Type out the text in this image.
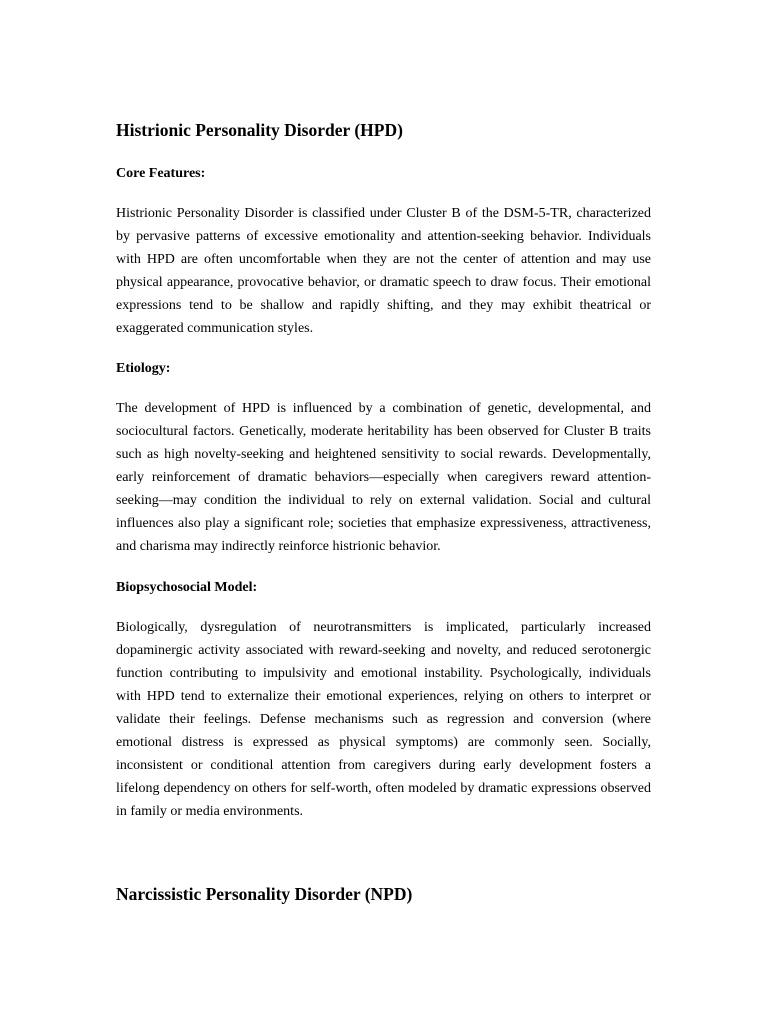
Histrionic Personality Disorder (HPD)
Core Features:
Histrionic Personality Disorder is classified under Cluster B of the DSM-5-TR, characterized by pervasive patterns of excessive emotionality and attention-seeking behavior. Individuals with HPD are often uncomfortable when they are not the center of attention and may use physical appearance, provocative behavior, or dramatic speech to draw focus. Their emotional expressions tend to be shallow and rapidly shifting, and they may exhibit theatrical or exaggerated communication styles.
Etiology:
The development of HPD is influenced by a combination of genetic, developmental, and sociocultural factors. Genetically, moderate heritability has been observed for Cluster B traits such as high novelty-seeking and heightened sensitivity to social rewards. Developmentally, early reinforcement of dramatic behaviors—especially when caregivers reward attention-seeking—may condition the individual to rely on external validation. Social and cultural influences also play a significant role; societies that emphasize expressiveness, attractiveness, and charisma may indirectly reinforce histrionic behavior.
Biopsychosocial Model:
Biologically, dysregulation of neurotransmitters is implicated, particularly increased dopaminergic activity associated with reward-seeking and novelty, and reduced serotonergic function contributing to impulsivity and emotional instability. Psychologically, individuals with HPD tend to externalize their emotional experiences, relying on others to interpret or validate their feelings. Defense mechanisms such as regression and conversion (where emotional distress is expressed as physical symptoms) are commonly seen. Socially, inconsistent or conditional attention from caregivers during early development fosters a lifelong dependency on others for self-worth, often modeled by dramatic expressions observed in family or media environments.
Narcissistic Personality Disorder (NPD)
